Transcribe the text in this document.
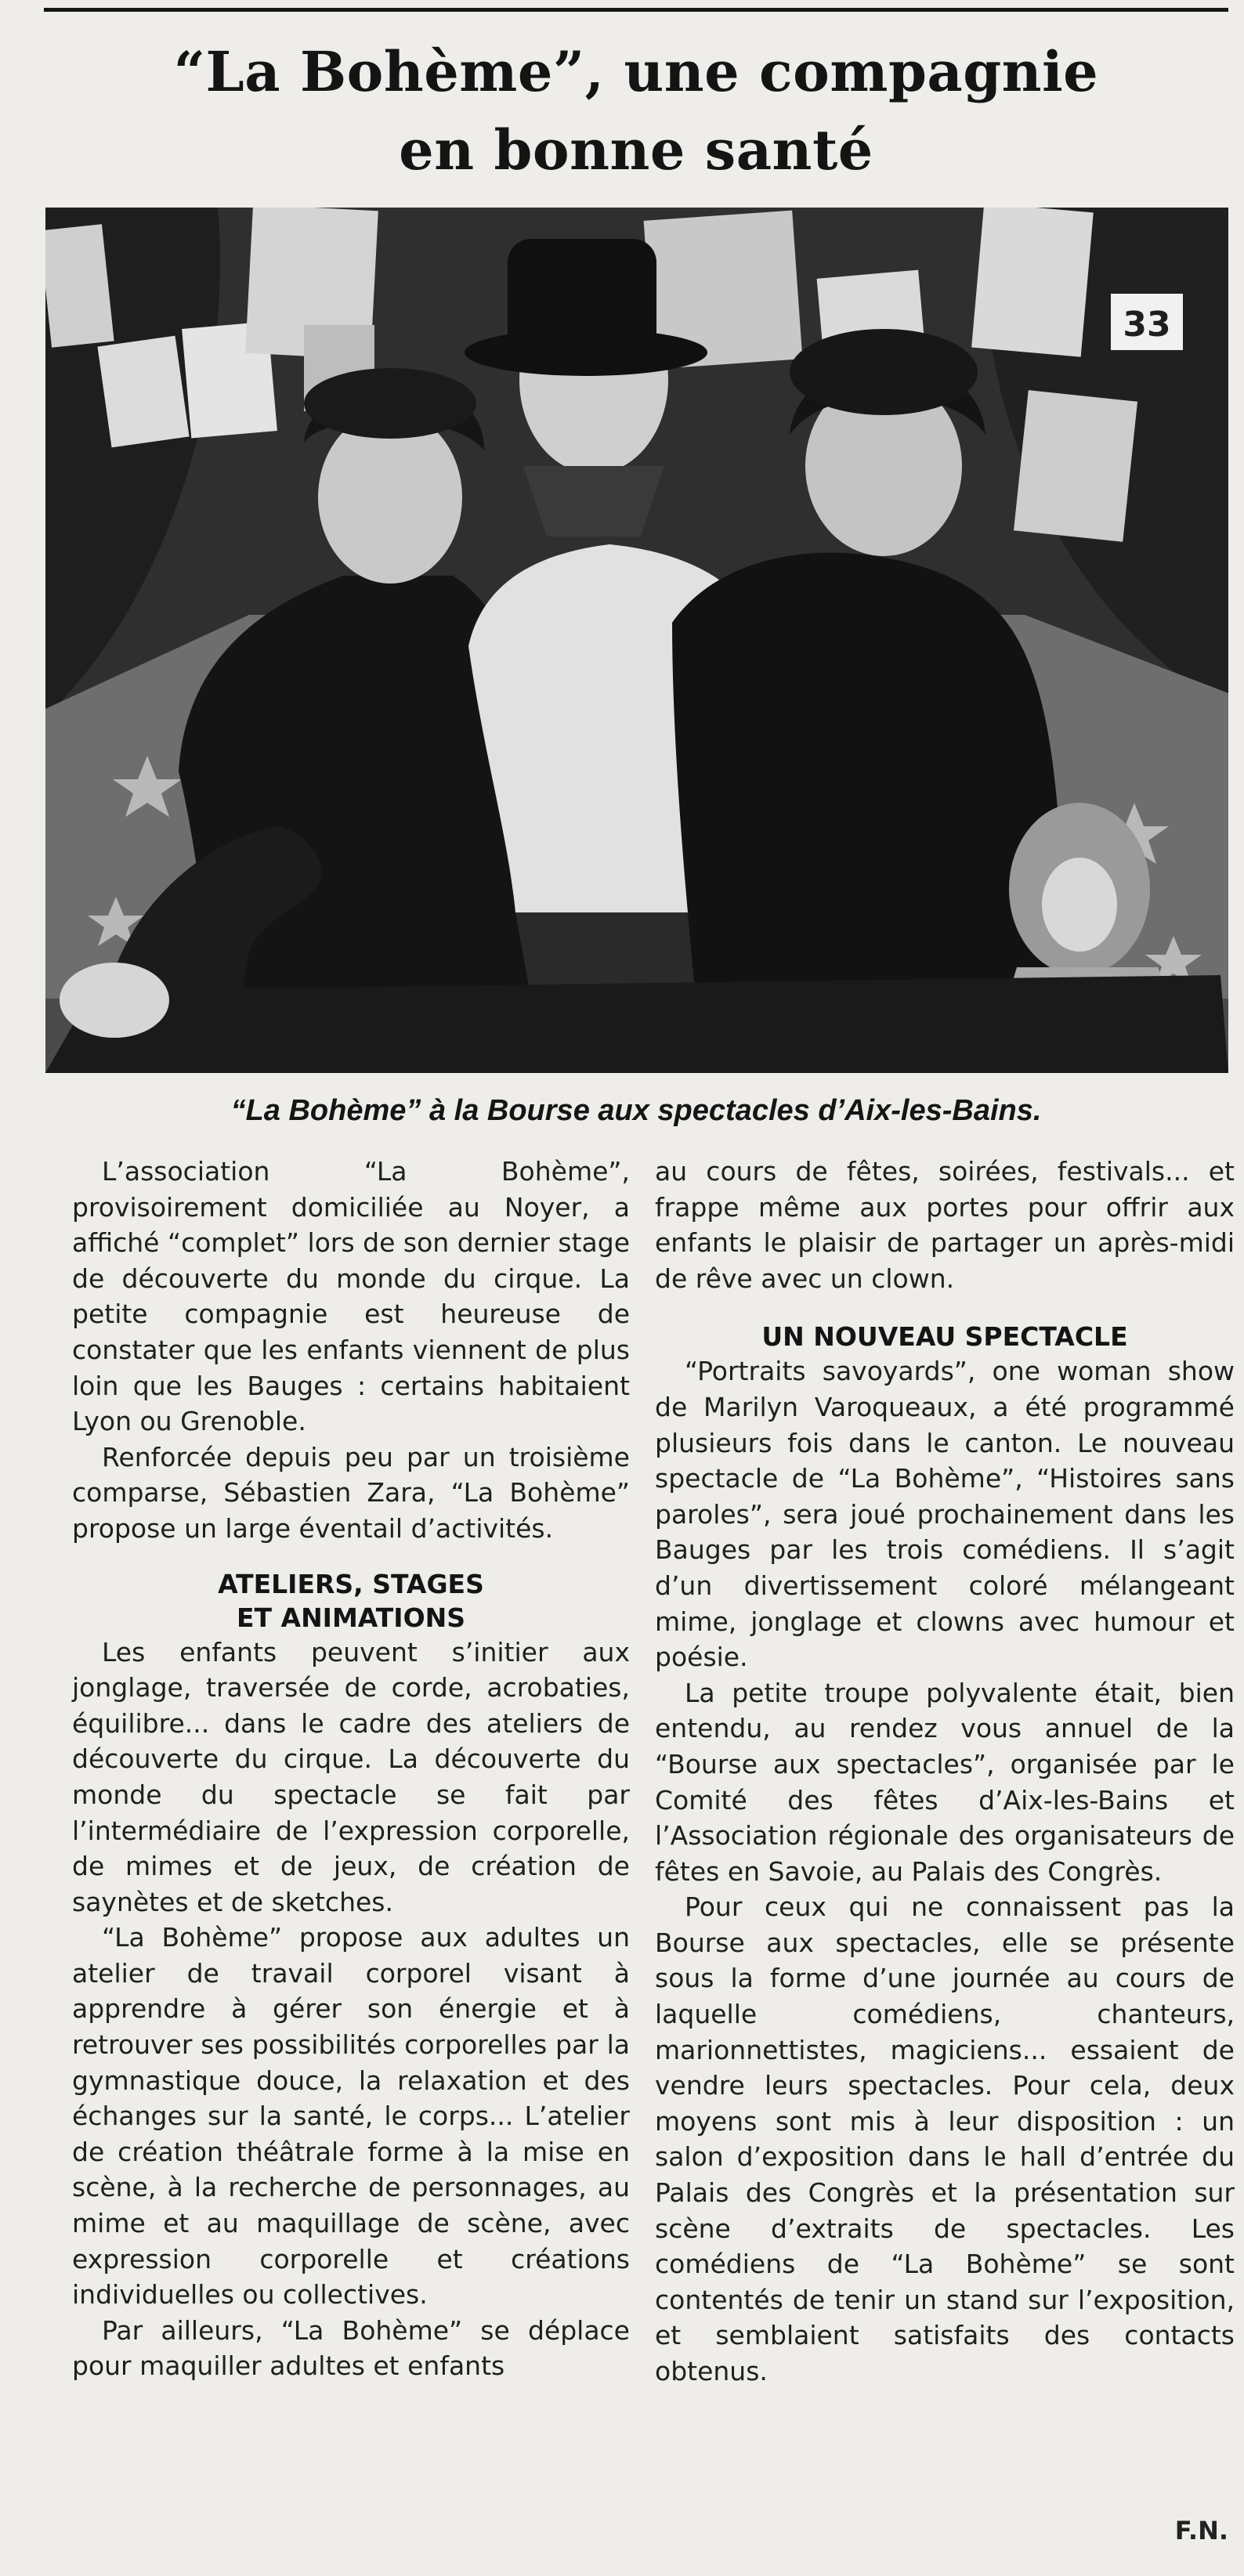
“La Bohème”, une compagnie
en bonne santé
33

“La Bohème” à la Bourse aux spectacles d’Aix-les-Bains.

L’association “La Bohème”, provisoirement domiciliée au Noyer, a affiché “complet” lors de son dernier stage de découverte du monde du cirque. La petite compagnie est heureuse de constater que les enfants viennent de plus loin que les Bauges : certains habitaient Lyon ou Grenoble.

Renforcée depuis peu par un troisième comparse, Sébastien Zara, “La Bohème” propose un large éventail d’activités.

ATELIERS, STAGES
ET ANIMATIONS

Les enfants peuvent s’initier aux jonglage, traversée de corde, acrobaties, équilibre... dans le cadre des ateliers de découverte du cirque. La découverte du monde du spectacle se fait par l’intermédiaire de l’expression corporelle, de mimes et de jeux, de création de saynètes et de sketches.

“La Bohème” propose aux adultes un atelier de travail corporel visant à apprendre à gérer son énergie et à retrouver ses possibilités corporelles par la gymnastique douce, la relaxation et des échanges sur la santé, le corps... L’atelier de création théâtrale forme à la mise en scène, à la recherche de personnages, au mime et au maquillage de scène, avec expression corporelle et créations individuelles ou collectives.

Par ailleurs, “La Bohème” se déplace pour maquiller adultes et enfants

au cours de fêtes, soirées, festivals... et frappe même aux portes pour offrir aux enfants le plaisir de partager un après-midi de rêve avec un clown.

UN NOUVEAU SPECTACLE

“Portraits savoyards”, one woman show de Marilyn Varoqueaux, a été programmé plusieurs fois dans le canton. Le nouveau spectacle de “La Bohème”, “Histoires sans paroles”, sera joué prochainement dans les Bauges par les trois comédiens. Il s’agit d’un divertissement coloré mélangeant mime, jonglage et clowns avec humour et poésie.

La petite troupe polyvalente était, bien entendu, au rendez vous annuel de la “Bourse aux spectacles”, organisée par le Comité des fêtes d’Aix-les-Bains et l’Association régionale des organisateurs de fêtes en Savoie, au Palais des Congrès.

Pour ceux qui ne connaissent pas la Bourse aux spectacles, elle se présente sous la forme d’une journée au cours de laquelle comédiens, chanteurs, marionnettistes, magiciens... essaient de vendre leurs spectacles. Pour cela, deux moyens sont mis à leur disposition : un salon d’exposition dans le hall d’entrée du Palais des Congrès et la présentation sur scène d’extraits de spectacles. Les comédiens de “La Bohème” se sont contentés de tenir un stand sur l’exposition, et semblaient satisfaits des contacts obtenus.

F.N.
